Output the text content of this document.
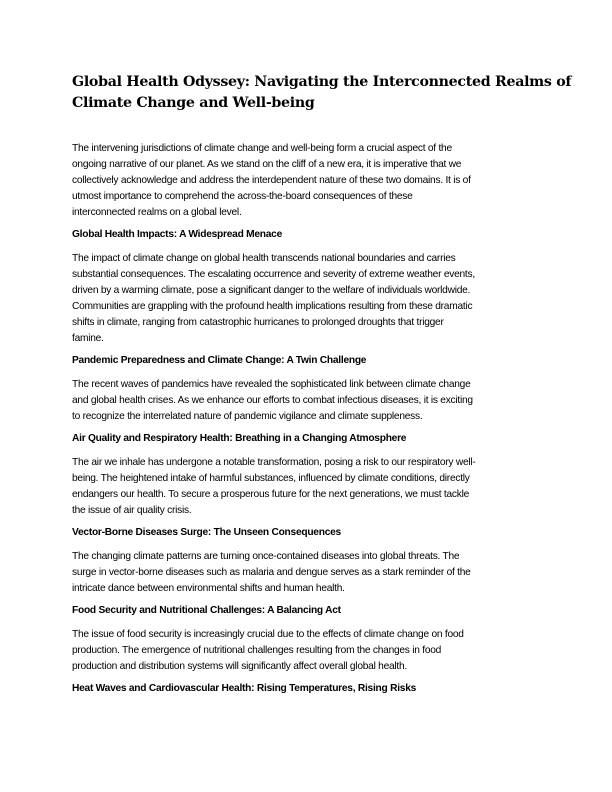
Global Health Odyssey: Navigating the Interconnected Realms of
Climate Change and Well-being
The intervening jurisdictions of climate change and well-being form a crucial aspect of the
ongoing narrative of our planet. As we stand on the cliff of a new era, it is imperative that we
collectively acknowledge and address the interdependent nature of these two domains. It is of
utmost importance to comprehend the across-the-board consequences of these
interconnected realms on a global level.
Global Health Impacts: A Widespread Menace
The impact of climate change on global health transcends national boundaries and carries
substantial consequences. The escalating occurrence and severity of extreme weather events,
driven by a warming climate, pose a significant danger to the welfare of individuals worldwide.
Communities are grappling with the profound health implications resulting from these dramatic
shifts in climate, ranging from catastrophic hurricanes to prolonged droughts that trigger
famine.
Pandemic Preparedness and Climate Change: A Twin Challenge
The recent waves of pandemics have revealed the sophisticated link between climate change
and global health crises. As we enhance our efforts to combat infectious diseases, it is exciting
to recognize the interrelated nature of pandemic vigilance and climate suppleness.
Air Quality and Respiratory Health: Breathing in a Changing Atmosphere
The air we inhale has undergone a notable transformation, posing a risk to our respiratory well-
being. The heightened intake of harmful substances, influenced by climate conditions, directly
endangers our health. To secure a prosperous future for the next generations, we must tackle
the issue of air quality crisis.
Vector-Borne Diseases Surge: The Unseen Consequences
The changing climate patterns are turning once-contained diseases into global threats. The
surge in vector-borne diseases such as malaria and dengue serves as a stark reminder of the
intricate dance between environmental shifts and human health.
Food Security and Nutritional Challenges: A Balancing Act
The issue of food security is increasingly crucial due to the effects of climate change on food
production. The emergence of nutritional challenges resulting from the changes in food
production and distribution systems will significantly affect overall global health.
Heat Waves and Cardiovascular Health: Rising Temperatures, Rising Risks
